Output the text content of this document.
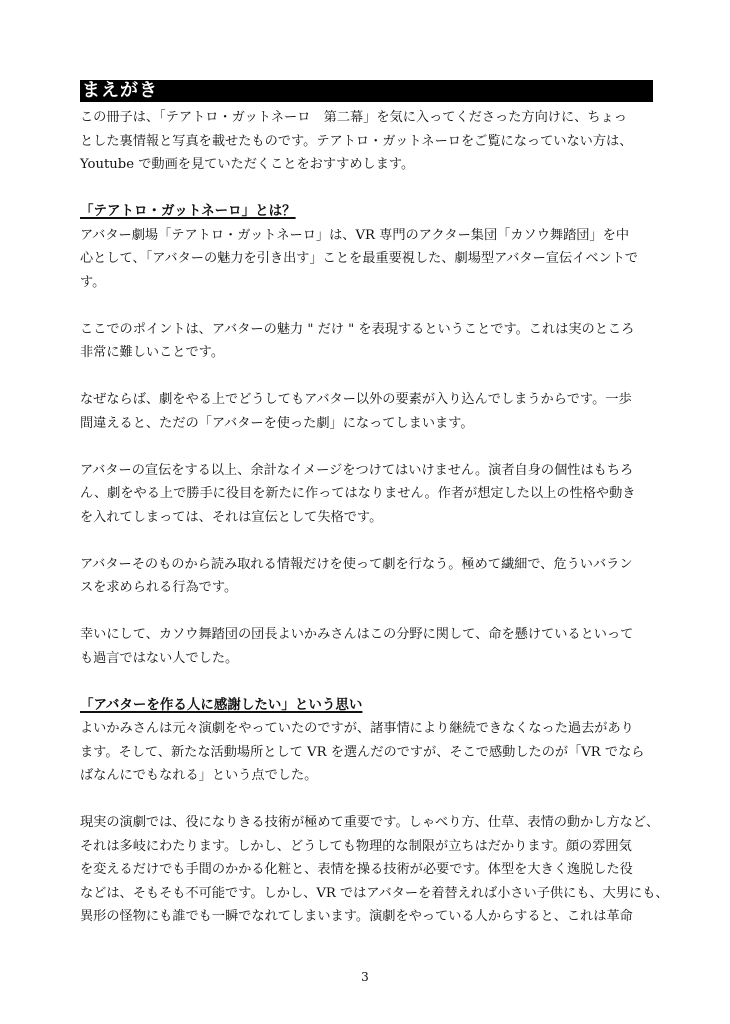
まえがき

この冊子は、「テアトロ・ガットネーロ　第二幕」を気に入ってくださった方向けに、ちょっ
とした裏情報と写真を載せたものです。テアトロ・ガットネーロをご覧になっていない方は、
Youtube で動画を見ていただくことをおすすめします。

「テアトロ・ガットネーロ」とは？

アバター劇場「テアトロ・ガットネーロ」は、VR 専門のアクター集団「カソウ舞踏団」を中
心として、「アバターの魅力を引き出す」ことを最重要視した、劇場型アバター宣伝イベントで
す。

ここでのポイントは、アバターの魅力 " だけ " を表現するということです。これは実のところ
非常に難しいことです。

なぜならば、劇をやる上でどうしてもアバター以外の要素が入り込んでしまうからです。一歩
間違えると、ただの「アバターを使った劇」になってしまいます。

アバターの宣伝をする以上、余計なイメージをつけてはいけません。演者自身の個性はもちろ
ん、劇をやる上で勝手に役目を新たに作ってはなりません。作者が想定した以上の性格や動き
を入れてしまっては、それは宣伝として失格です。

アバターそのものから読み取れる情報だけを使って劇を行なう。極めて繊細で、危ういバラン
スを求められる行為です。

幸いにして、カソウ舞踏団の団長よいかみさんはこの分野に関して、命を懸けているといって
も過言ではない人でした。

「アバターを作る人に感謝したい」という思い

よいかみさんは元々演劇をやっていたのですが、諸事情により継続できなくなった過去があり
ます。そして、新たな活動場所として VR を選んだのですが、そこで感動したのが「VR でなら
ばなんにでもなれる」という点でした。

現実の演劇では、役になりきる技術が極めて重要です。しゃべり方、仕草、表情の動かし方など、
それは多岐にわたります。しかし、どうしても物理的な制限が立ちはだかります。顔の雰囲気
を変えるだけでも手間のかかる化粧と、表情を操る技術が必要です。体型を大きく逸脱した役
などは、そもそも不可能です。しかし、VR ではアバターを着替えれば小さい子供にも、大男にも、
異形の怪物にも誰でも一瞬でなれてしまいます。演劇をやっている人からすると、これは革命

3
